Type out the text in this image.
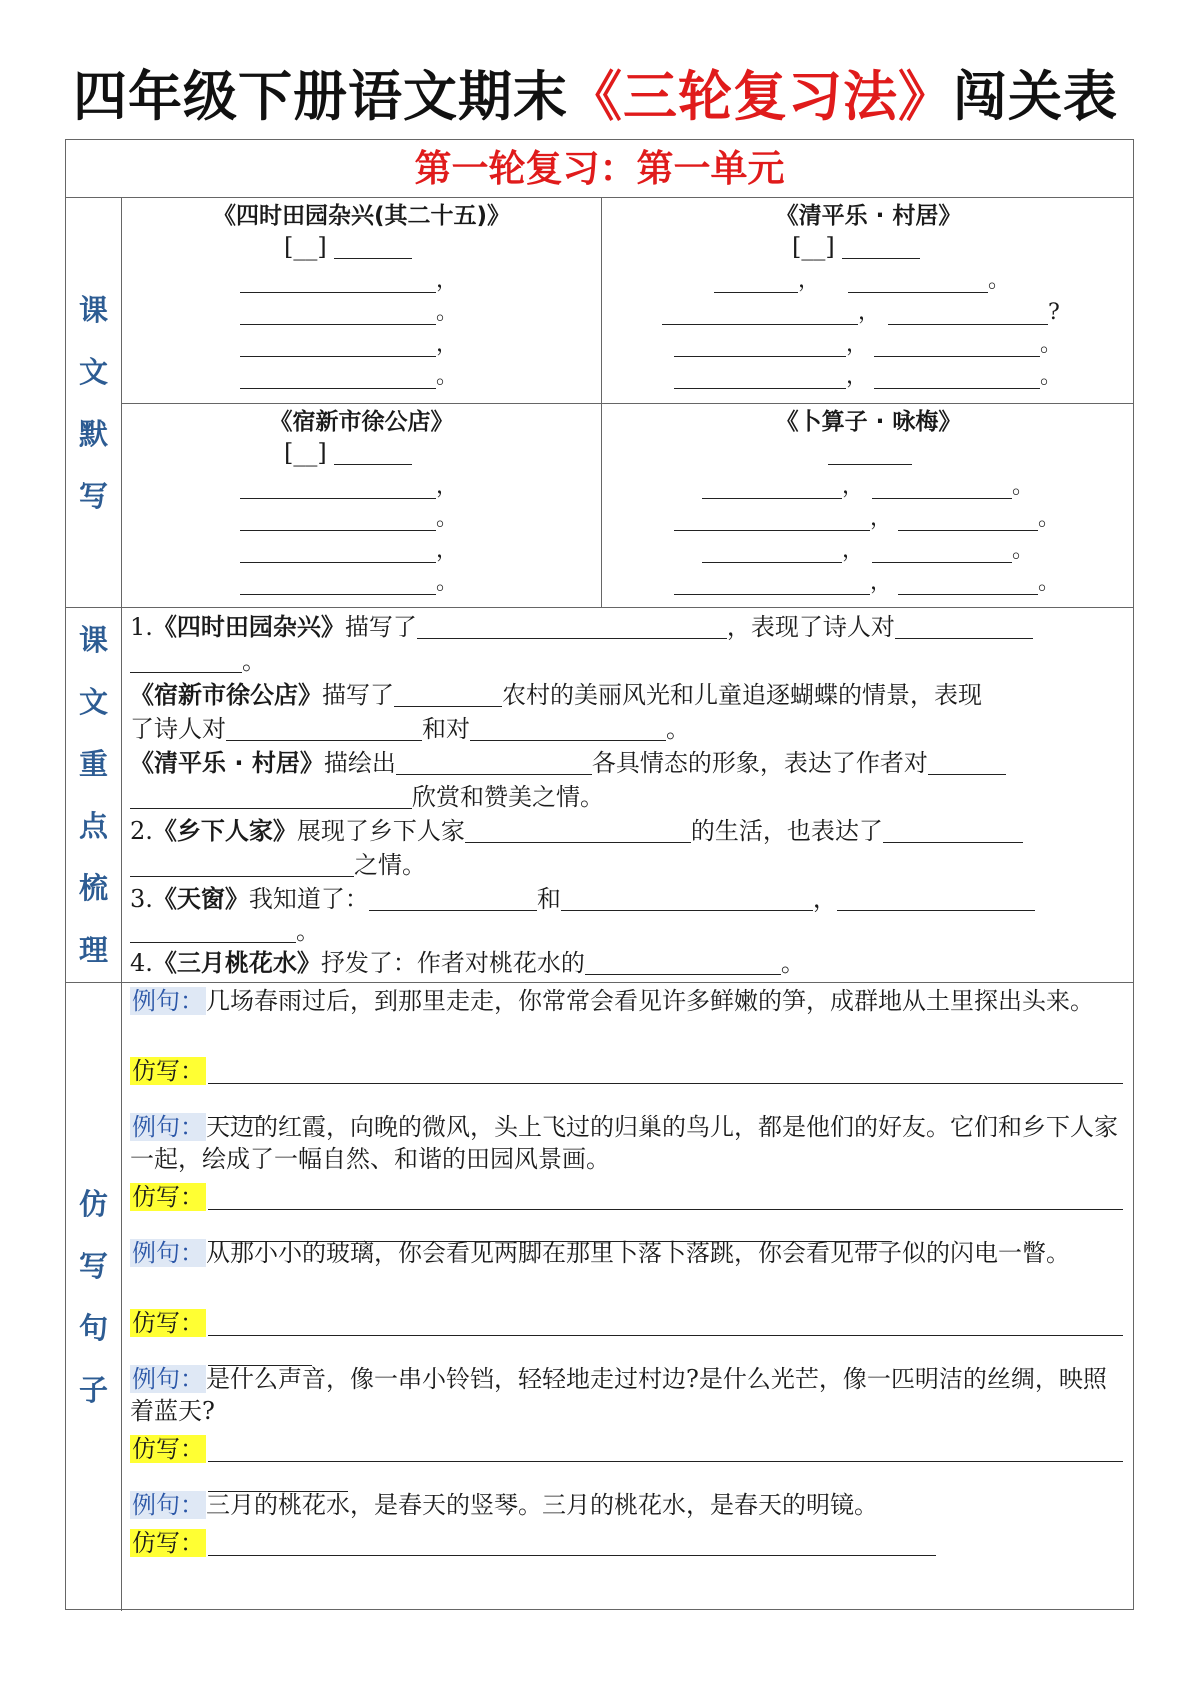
四年级下册语文期末《三轮复习法》闯关表
第一轮复习：第一单元
课文默写
《四时田园杂兴(其二十五)》
[__]
，
。
，
。
《清平乐 · 村居》
[__]
，	。
，	?
，	。
，	。
《宿新市徐公店》
[__]
，
。
，
。
《卜算子 · 咏梅》
，	。
，	。
，	。
，	。
课文重点梳理
1.《四时田园杂兴》描写了	，表现了诗人对
。
《宿新市徐公店》描写了	农村的美丽风光和儿童追逐蝴蝶的情景，表现
了诗人对	和对	。
《清平乐 · 村居》描绘出	各具情态的形象，表达了作者对
欣赏和赞美之情。
2.《乡下人家》展现了乡下人家	的生活，也表达了
之情。
3.《天窗》我知道了：	和	，
。
4.《三月桃花水》抒发了：作者对桃花水的	。
仿写句子
例句：几场春雨过后，到那里走走，你常常会看见许多鲜嫩的笋，成群地从土里探出头来。
仿写：
例句：天边的红霞，向晚的微风，头上飞过的归巢的鸟儿，都是他们的好友。它们和乡下人家一起，绘成了一幅自然、和谐的田园风景画。
仿写：
例句：从那小小的玻璃，你会看见两脚在那里卜落卜落跳，你会看见带子似的闪电一瞥。
仿写：
例句：是什么声音，像一串小铃铛，轻轻地走过村边?是什么光芒，像一匹明洁的丝绸，映照着蓝天?
仿写：
例句：三月的桃花水，是春天的竖琴。三月的桃花水，是春天的明镜。
仿写：
